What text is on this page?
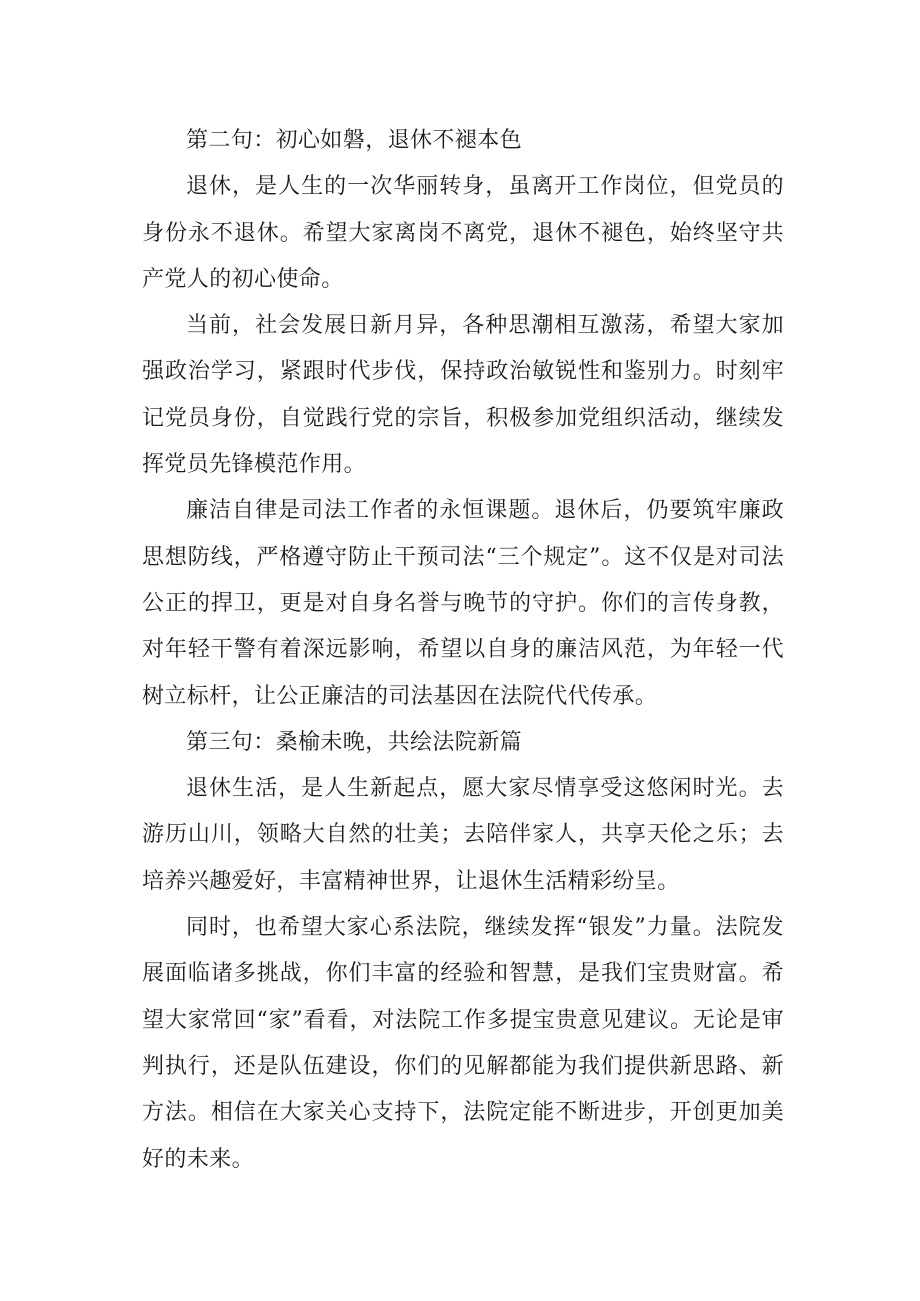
第二句：初心如磐，退休不褪本色

退休，是人生的一次华丽转身，虽离开工作岗位，但党员的身份永不退休。希望大家离岗不离党，退休不褪色，始终坚守共产党人的初心使命。

当前，社会发展日新月异，各种思潮相互激荡，希望大家加强政治学习，紧跟时代步伐，保持政治敏锐性和鉴别力。时刻牢记党员身份，自觉践行党的宗旨，积极参加党组织活动，继续发挥党员先锋模范作用。

廉洁自律是司法工作者的永恒课题。退休后，仍要筑牢廉政思想防线，严格遵守防止干预司法“三个规定”。这不仅是对司法公正的捍卫，更是对自身名誉与晚节的守护。你们的言传身教，对年轻干警有着深远影响，希望以自身的廉洁风范，为年轻一代树立标杆，让公正廉洁的司法基因在法院代代传承。

第三句：桑榆未晚，共绘法院新篇

退休生活，是人生新起点，愿大家尽情享受这悠闲时光。去游历山川，领略大自然的壮美；去陪伴家人，共享天伦之乐；去培养兴趣爱好，丰富精神世界，让退休生活精彩纷呈。

同时，也希望大家心系法院，继续发挥“银发”力量。法院发展面临诸多挑战，你们丰富的经验和智慧，是我们宝贵财富。希望大家常回“家”看看，对法院工作多提宝贵意见建议。无论是审判执行，还是队伍建设，你们的见解都能为我们提供新思路、新方法。相信在大家关心支持下，法院定能不断进步，开创更加美好的未来。
